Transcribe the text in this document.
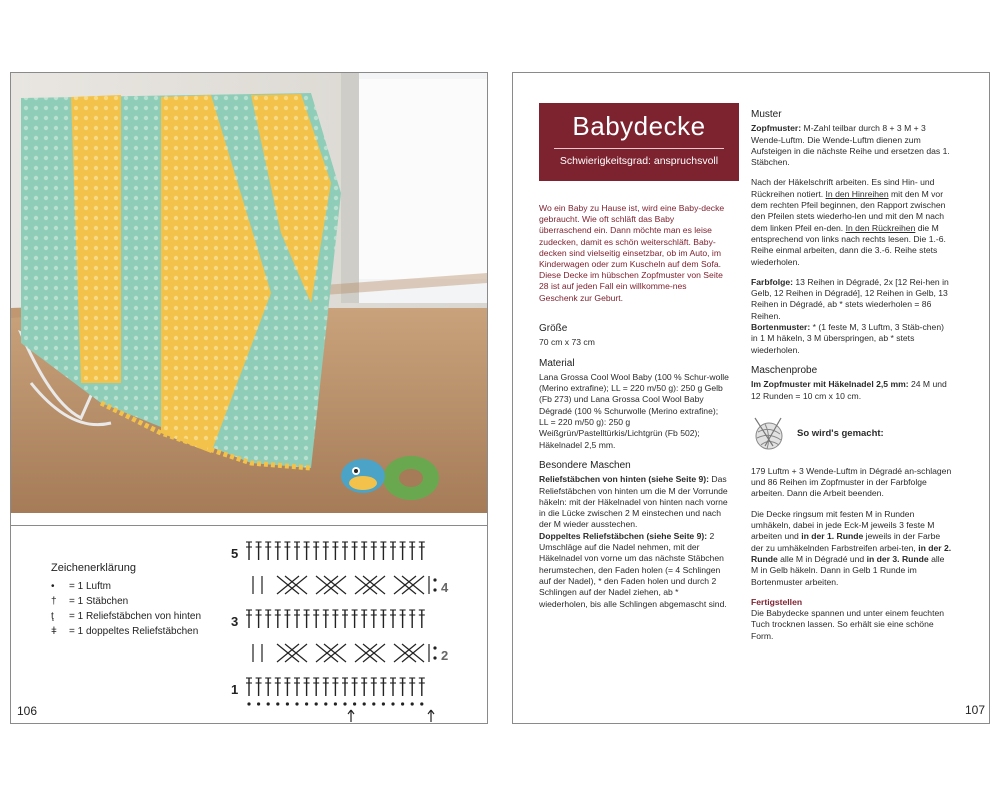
Zeichenerklärung
•	= 1 Luftm
†	= 1 Stäbchen
ţ	= 1 Reliefstäbchen von hinten
ǂ	= 1 doppeltes Reliefstäbchen
5
4
3
2
1
106
Babydecke
Schwierigkeitsgrad: anspruchsvoll
Wo ein Baby zu Hause ist, wird eine Baby-decke gebraucht. Wie oft schläft das Baby überraschend ein. Dann möchte man es leise zudecken, damit es schön weiterschläft. Baby-decken sind vielseitig einsetzbar, ob im Auto, im Kinderwagen oder zum Kuscheln auf dem Sofa. Diese Decke im hübschen Zopfmuster von Seite 28 ist auf jeden Fall ein willkomme-nes Geschenk zur Geburt.
Größe

70 cm x 73 cm

Material

Lana Grossa Cool Wool Baby (100 % Schur-wolle (Merino extrafine); LL = 220 m/50 g): 250 g Gelb (Fb 273) und Lana Grossa Cool Wool Baby Dégradé (100 % Schurwolle (Merino extrafine); LL = 220 m/50 g): 250 g Weißgrün/Pastelltürkis/Lichtgrün (Fb 502); Häkelnadel 2,5 mm.

Besondere Maschen
Reliefstäbchen von hinten (siehe Seite 9): Das Reliefstäbchen von hinten um die M der Vorrunde häkeln: mit der Häkelnadel von hinten nach vorne in die Lücke zwischen 2 M einstechen und nach der M wieder ausstechen.
Doppeltes Reliefstäbchen (siehe Seite 9): 2 Umschläge auf die Nadel nehmen, mit der Häkelnadel von vorne um das nächste Stäbchen herumstechen, den Faden holen (= 4 Schlingen auf der Nadel), * den Faden holen und durch 2 Schlingen auf der Nadel ziehen, ab * wiederholen, bis alle Schlingen abgemascht sind.
Muster

Zopfmuster: M-Zahl teilbar durch 8 + 3 M + 3 Wende-Luftm. Die Wende-Luftm dienen zum Aufsteigen in die nächste Reihe und ersetzen das 1. Stäbchen.

Nach der Häkelschrift arbeiten. Es sind Hin- und Rückreihen notiert. In den Hinreihen mit den M vor dem rechten Pfeil beginnen, den Rapport zwischen den Pfeilen stets wiederho-len und mit den M nach dem linken Pfeil en-den. In den Rückreihen die M entsprechend von links nach rechts lesen. Die 1.-6. Reihe einmal arbeiten, dann die 3.-6. Reihe stets wiederholen.

Farbfolge: 13 Reihen in Dégradé, 2x [12 Rei-hen in Gelb, 12 Reihen in Dégradé], 12 Reihen in Gelb, 13 Reihen in Dégradé, ab * stets wiederholen = 86 Reihen.

Bortenmuster: * (1 feste M, 3 Luftm, 3 Stäb-chen) in 1 M häkeln, 3 M überspringen, ab * stets wiederholen.

Maschenprobe

Im Zopfmuster mit Häkelnadel 2,5 mm: 24 M und 12 Runden = 10 cm x 10 cm.

So wird's gemacht:

179 Luftm + 3 Wende-Luftm in Dégradé an-schlagen und 86 Reihen im Zopfmuster in der Farbfolge arbeiten. Dann die Arbeit beenden.

Die Decke ringsum mit festen M in Runden umhäkeln, dabei in jede Eck-M jeweils 3 feste M arbeiten und in der 1. Runde jeweils in der Farbe der zu umhäkelnden Farbstreifen arbei-ten, in der 2. Runde alle M in Dégradé und in der 3. Runde alle M in Gelb häkeln. Dann in Gelb 1 Runde im Bortenmuster arbeiten.

Fertigstellen

Die Babydecke spannen und unter einem feuchten Tuch trocknen lassen. So erhält sie eine schöne Form.

107
